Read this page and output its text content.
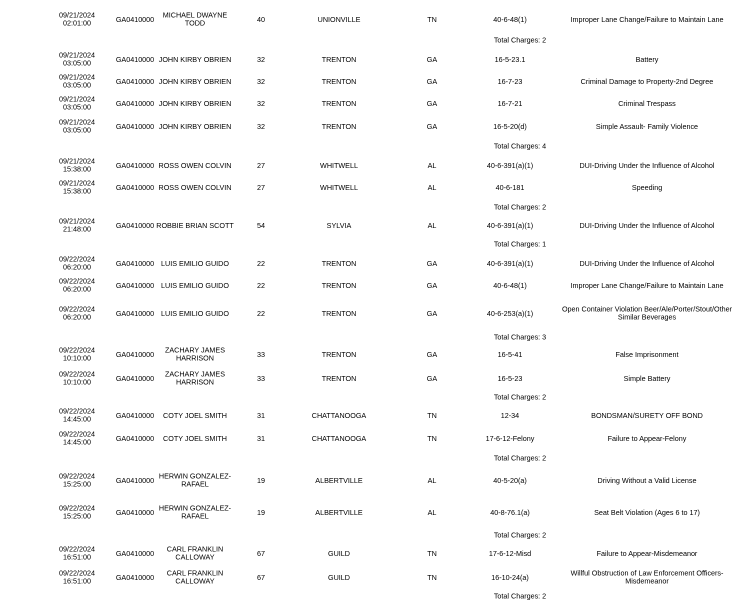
09/21/2024
02:01:00	GA0410000	MICHAEL DWAYNE TODD	40	UNIONVILLE	TN	40-6-48(1)	Improper Lane Change/Failure to Maintain Lane
Total Charges: 2
09/21/2024
03:05:00	GA0410000 JOHN KIRBY OBRIEN	32	TRENTON	GA	16-5-23.1	Battery
09/21/2024
03:05:00	GA0410000 JOHN KIRBY OBRIEN	32	TRENTON	GA	16-7-23	Criminal Damage to Property-2nd Degree
09/21/2024
03:05:00	GA0410000 JOHN KIRBY OBRIEN	32	TRENTON	GA	16-7-21	Criminal Trespass
09/21/2024
03:05:00	GA0410000 JOHN KIRBY OBRIEN	32	TRENTON	GA	16-5-20(d)	Simple Assault- Family Violence
Total Charges: 4
09/21/2024
15:38:00	GA0410000 ROSS OWEN COLVIN	27	WHITWELL	AL	40-6-391(a)(1)	DUI-Driving Under the Influence of Alcohol
09/21/2024
15:38:00	GA0410000 ROSS OWEN COLVIN	27	WHITWELL	AL	40-6-181	Speeding
Total Charges: 2
09/21/2024
21:48:00	GA0410000 ROBBIE BRIAN SCOTT	54	SYLVIA	AL	40-6-391(a)(1)	DUI-Driving Under the Influence of Alcohol
Total Charges: 1
09/22/2024
06:20:00	GA0410000 LUIS EMILIO GUIDO	22	TRENTON	GA	40-6-391(a)(1)	DUI-Driving Under the Influence of Alcohol
09/22/2024
06:20:00	GA0410000 LUIS EMILIO GUIDO	22	TRENTON	GA	40-6-48(1)	Improper Lane Change/Failure to Maintain Lane
09/22/2024
06:20:00	GA0410000 LUIS EMILIO GUIDO	22	TRENTON	GA	40-6-253(a)(1)	Open Container Violation Beer/Ale/Porter/Stout/Other Similar Beverages
Total Charges: 3
09/22/2024
10:10:00	GA0410000	ZACHARY JAMES HARRISON	33	TRENTON	GA	16-5-41	False Imprisonment
09/22/2024
10:10:00	GA0410000	ZACHARY JAMES HARRISON	33	TRENTON	GA	16-5-23	Simple Battery
Total Charges: 2
09/22/2024
14:45:00	GA0410000	COTY JOEL SMITH	31	CHATTANOOGA	TN	12-34	BONDSMAN/SURETY OFF BOND
09/22/2024
14:45:00	GA0410000	COTY JOEL SMITH	31	CHATTANOOGA	TN	17-6-12-Felony	Failure to Appear-Felony
Total Charges: 2
09/22/2024
15:25:00	GA0410000 HERWIN GONZALEZ- RAFAEL	19	ALBERTVILLE	AL	40-5-20(a)	Driving Without a Valid License
09/22/2024
15:25:00	GA0410000 HERWIN GONZALEZ- RAFAEL	19	ALBERTVILLE	AL	40-8-76.1(a)	Seat Belt Violation (Ages 6 to 17)
Total Charges: 2
09/22/2024
16:51:00	GA0410000	CARL FRANKLIN CALLOWAY	67	GUILD	TN	17-6-12-Misd	Failure to Appear-Misdemeanor
09/22/2024
16:51:00	GA0410000	CARL FRANKLIN CALLOWAY	67	GUILD	TN	16-10-24(a)	Willful Obstruction of Law Enforcement Officers-Misdemeanor
Total Charges: 2
